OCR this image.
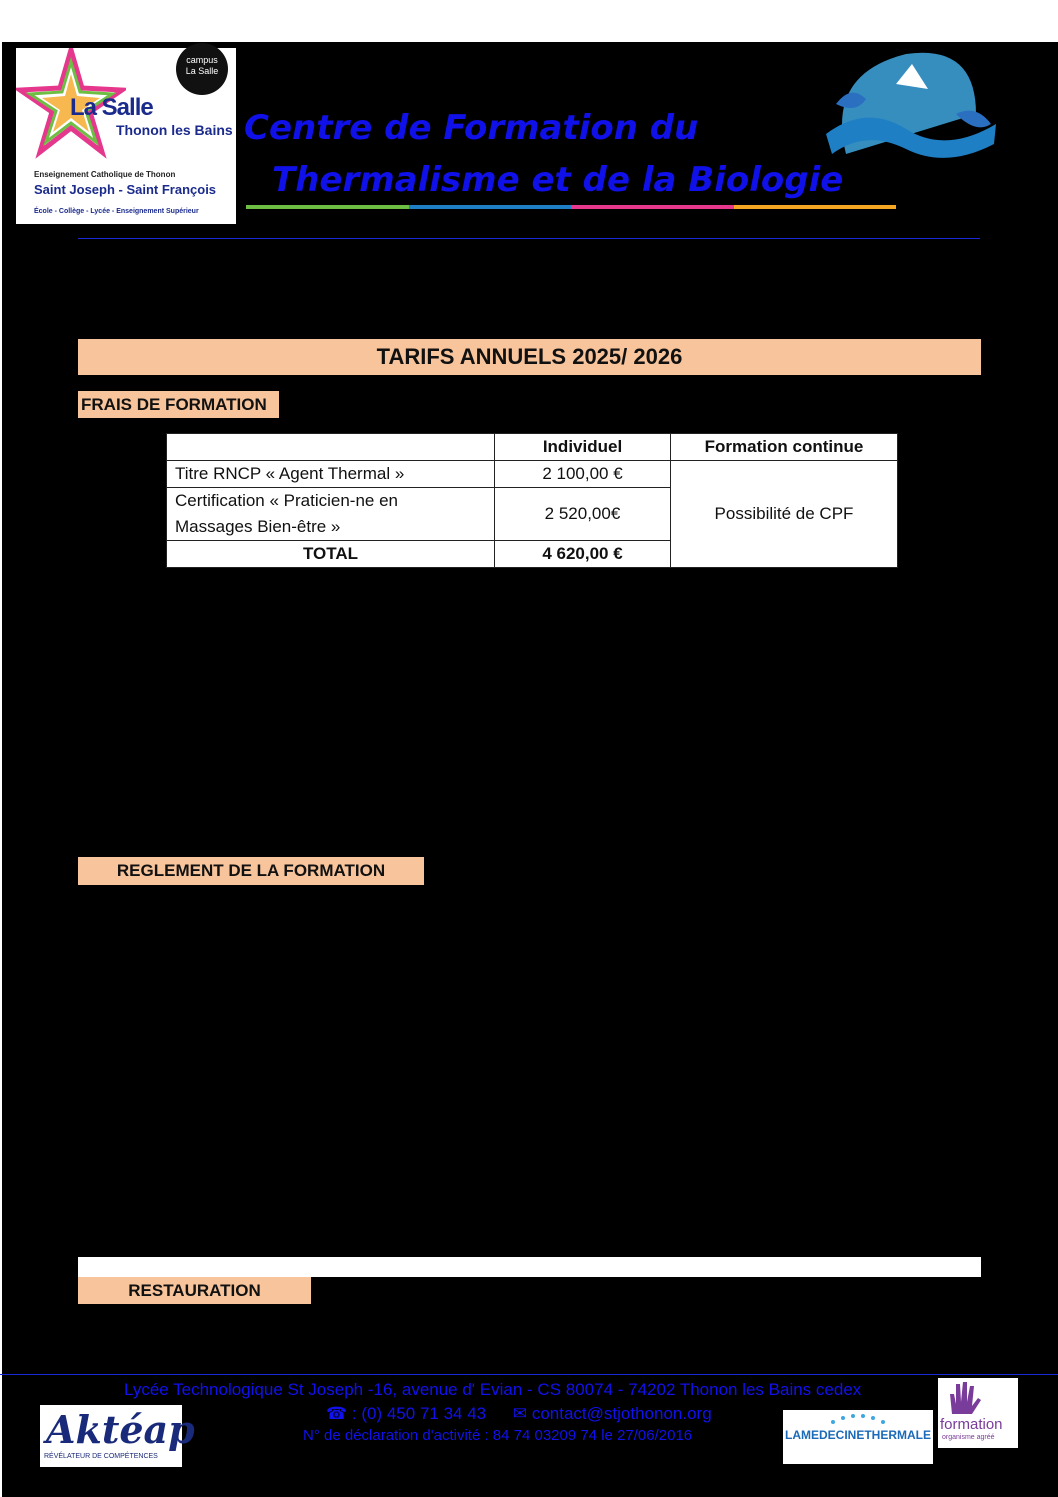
campus
La Salle
La Salle
Thonon les Bains
Enseignement Catholique de Thonon
Saint Joseph - Saint François
École - Collège - Lycée - Enseignement Supérieur
Centre de Formation du
Thermalisme et de la Biologie
TARIFS ANNUELS 2025/ 2026
FRAIS DE FORMATION
	Individuel	Formation continue
Titre RNCP « Agent Thermal »	2 100,00 €	Possibilité de CPF

Certification « Praticien-ne en
Massages Bien-être »	2 520,00€	
TOTAL	4 620,00 €	
REGLEMENT DE LA FORMATION
RESTAURATION
Lycée Technologique St Joseph -16, avenue d' Evian - CS 80074 - 74202 Thonon les Bains cedex
☎ : (0) 450 71 34 43 ✉ contact@stjothonon.org
N° de déclaration d'activité : 84 74 03209 74 le 27/06/2016
Aktéap
RÉVÉLATEUR DE COMPÉTENCES
LAMEDECINETHERMALE
formation
organisme agréé
